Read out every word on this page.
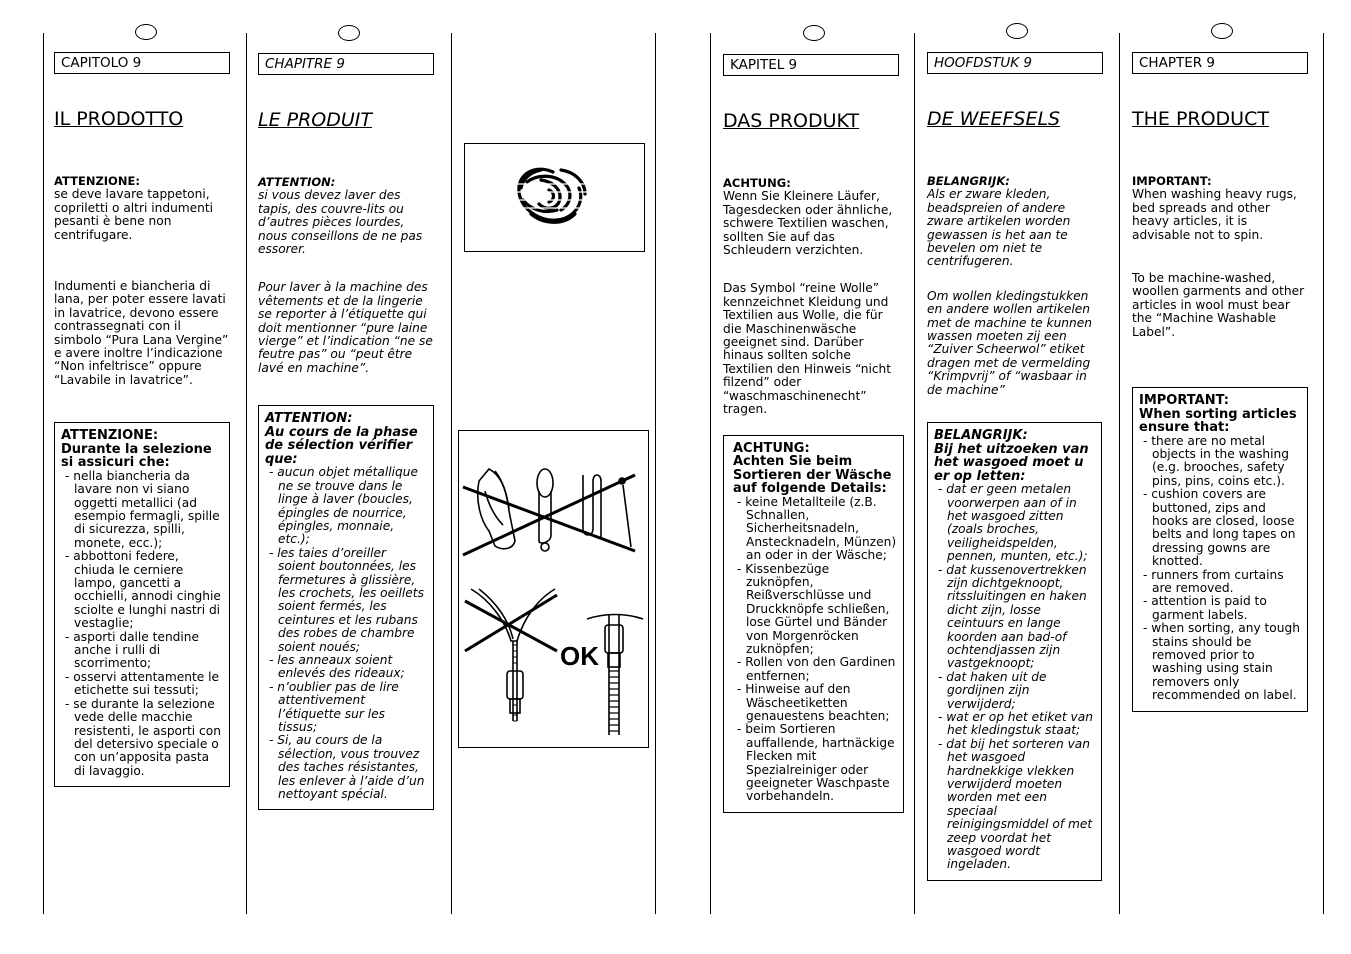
CAPITOLO 9
IL PRODOTTO
ATTENZIONE:
se deve lavare tappetoni, copriletti o altri indumenti pesanti è bene non centrifugare.
Indumenti e biancheria di lana, per poter essere lavati in lavatrice, devono essere contrassegnati con il simbolo “Pura Lana Vergine” e avere inoltre l’indicazione “Non infeltrisce” oppure “Lavabile in lavatrice”.
ATTENZIONE:
Durante la selezione si assicuri che:
- nella biancheria da lavare non vi siano oggetti metallici (ad esempio fermagli, spille di sicurezza, spilli, monete, ecc.);
- abbottoni federe, chiuda le cerniere lampo, gancetti a occhielli, annodi cinghie sciolte e lunghi nastri di vestaglie;
- asporti dalle tendine anche i rulli di scorrimento;
- osservi attentamente le etichette sui tessuti;
- se durante la selezione vede delle macchie resistenti, le asporti con del detersivo speciale o con un’apposita pasta di lavaggio.
CHAPITRE 9
LE PRODUIT
ATTENTION:
si vous devez laver des tapis, des couvre-lits ou d’autres pièces lourdes, nous conseillons de ne pas essorer.
Pour laver à la machine des vêtements et de la lingerie se reporter à l’étiquette qui doit mentionner “pure laine vierge” et l’indication “ne se feutre pas” ou “peut être lavé en machine”.
ATTENTION:
Au cours de la phase de sélection vérifier que:
- aucun objet métallique ne se trouve dans le linge à laver (boucles, épingles de nourrice, épingles, monnaie, etc.);
- les taies d’oreiller soient boutonnées, les fermetures à glissière, les crochets, les oeillets soient fermés, les ceintures et les rubans des robes de chambre soient noués;
- les anneaux soient enlevés des rideaux;
- n’oublier pas de lire attentivement l’étiquette sur les tissus;
- Si, au cours de la sélection, vous trouvez des taches résistantes, les enlever à l’aide d’un nettoyant spécial.
OK
KAPITEL 9
DAS PRODUKT
ACHTUNG:
Wenn Sie Kleinere Läufer, Tagesdecken oder ähnliche, schwere Textilien waschen, sollten Sie auf das Schleudern verzichten.
Das Symbol “reine Wolle” kennzeichnet Kleidung und Textilien aus Wolle, die für die Maschinenwäsche geeignet sind. Darüber hinaus sollten solche Textilien den Hinweis “nicht filzend” oder “waschmaschinenecht” tragen.
ACHTUNG:
Achten Sie beim Sortieren der Wäsche auf folgende Details:
- keine Metallteile (z.B. Schnallen, Sicherheitsnadeln, Anstecknadeln, Münzen) an oder in der Wäsche;
- Kissenbezüge zuknöpfen, Reißverschlüsse und Druckknöpfe schließen, lose Gürtel und Bänder von Morgenröcken zuknöpfen;
- Rollen von den Gardinen entfernen;
- Hinweise auf den Wäscheetiketten genauestens beachten;
- beim Sortieren auffallende, hartnäckige Flecken mit Spezialreiniger oder geeigneter Waschpaste vorbehandeln.
HOOFDSTUK 9
DE WEEFSELS
BELANGRIJK:
Als er zware kleden, beadspreien of andere zware artikelen worden gewassen is het aan te bevelen om niet te centrifugeren.
Om wollen kledingstukken en andere wollen artikelen met de machine te kunnen wassen moeten zij een “Zuiver Scheerwol” etiket dragen met de vermelding “Krimpvrij” of “wasbaar in de machine”
BELANGRIJK:
Bij het uitzoeken van het wasgoed moet u er op letten:
- dat er geen metalen voorwerpen aan of in het wasgoed zitten (zoals broches, veiligheidspelden, pennen, munten, etc.);
- dat kussenovertrekken zijn dichtgeknoopt, ritssluitingen en haken dicht zijn, losse ceintuurs en lange koorden aan bad-of ochtendjassen zijn vastgeknoopt;
- dat haken uit de gordijnen zijn verwijderd;
- wat er op het etiket van het kledingstuk staat;
- dat bij het sorteren van het wasgoed hardnekkige vlekken verwijderd moeten worden met een speciaal reinigingsmiddel of met zeep voordat het wasgoed wordt ingeladen.
CHAPTER 9
THE PRODUCT
IMPORTANT:
When washing heavy rugs, bed spreads and other heavy articles, it is advisable not to spin.
To be machine-washed, woollen garments and other articles in wool must bear the “Machine Washable Label”.
IMPORTANT:
When sorting articles ensure that:
- there are no metal objects in the washing (e.g. brooches, safety pins, pins, coins etc.).
- cushion covers are buttoned, zips and hooks are closed, loose belts and long tapes on dressing gowns are knotted.
- runners from curtains are removed.
- attention is paid to garment labels.
- when sorting, any tough stains should be removed prior to washing using stain removers only recommended on label.
